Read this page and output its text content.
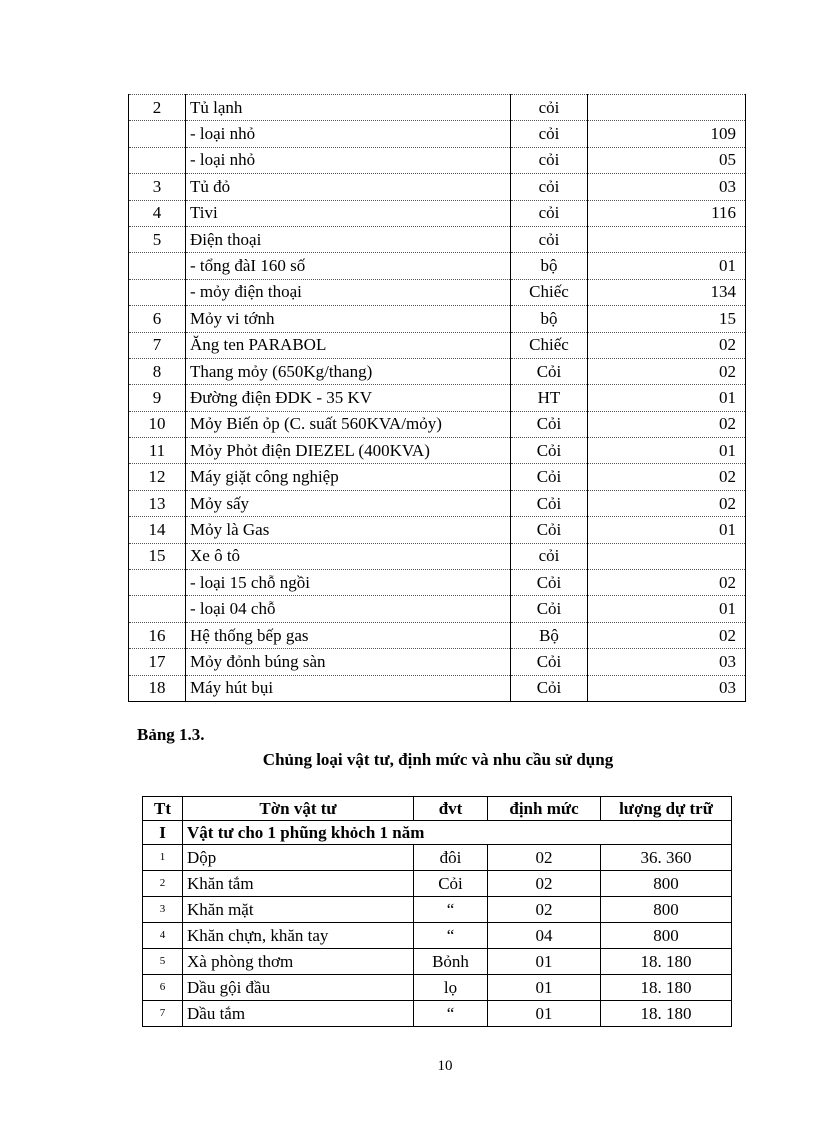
2	Tủ lạnh	cỏi	
	- loại nhỏ	cỏi	109
	- loại nhỏ	cỏi	05
3	Tủ đỏ	cỏi	03
4	Tivi	cỏi	116
5	Điện thoại	cỏi	
	- tổng đàI 160 số	bộ	01
	- mỏy điện thoại	Chiếc	134
6	Mỏy vi tớnh	bộ	15
7	Ăng ten PARABOL	Chiếc	02
8	Thang mỏy (650Kg/thang)	Cỏi	02
9	Đường điện ĐDK - 35 KV	HT	01
10	Mỏy Biến ỏp (C. suất 560KVA/mỏy)	Cỏi	02
11	Mỏy Phỏt điện DIEZEL (400KVA)	Cỏi	01
12	Máy giặt công nghiệp	Cỏi	02
13	Mỏy sấy	Cỏi	02
14	Mỏy là Gas	Cỏi	01
15	Xe ô tô	cỏi	
	- loại 15 chỗ ngồi	Cỏi	02
	- loại 04 chỗ	Cỏi	01
16	Hệ thống bếp gas	Bộ	02
17	Mỏy đỏnh búng sàn	Cỏi	03
18	Máy hút bụi	Cỏi	03
Bảng 1.3.
Chủng loại vật tư, định mức và nhu cầu sử dụng
Tt	Tờn vật tư	đvt	định mức	lượng dự trữ
I	Vật tư cho 1 phũng khỏch 1 năm			
1	Dộp	đôi	02	36. 360
2	Khăn tắm	Cỏi	02	800
3	Khăn mặt	“	02	800
4	Khăn chựn, khăn tay	“	04	800
5	Xà phòng thơm	Bỏnh	01	18. 180
6	Dầu gội đầu	lọ	01	18. 180
7	Dầu tắm	“	01	18. 180
10
